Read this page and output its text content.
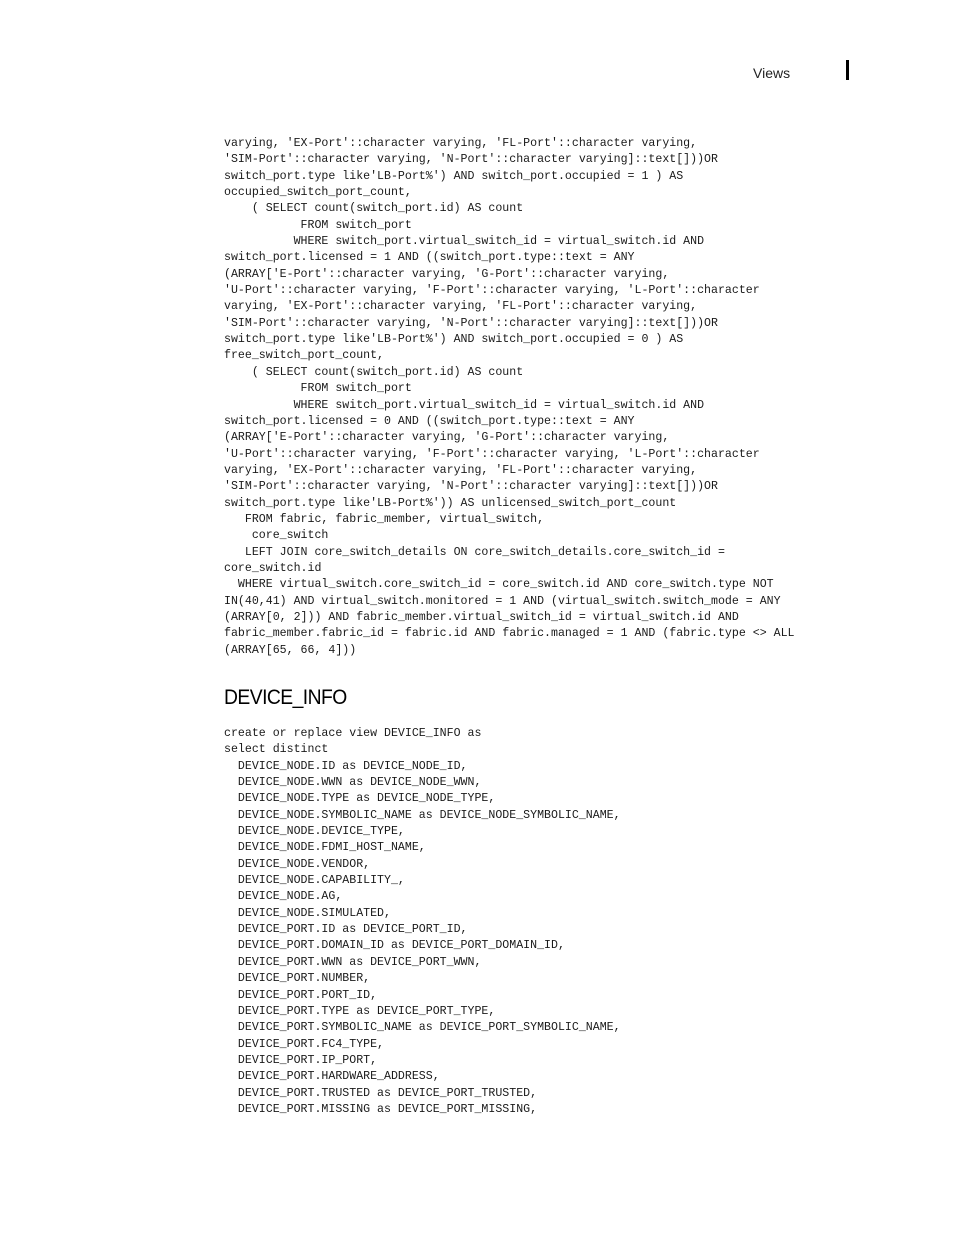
Views
varying, 'EX-Port'::character varying, 'FL-Port'::character varying,
'SIM-Port'::character varying, 'N-Port'::character varying]::text[]))OR
switch_port.type like'LB-Port%') AND switch_port.occupied = 1 ) AS
occupied_switch_port_count,
( SELECT count(switch_port.id) AS count
FROM switch_port
WHERE switch_port.virtual_switch_id = virtual_switch.id AND
switch_port.licensed = 1 AND ((switch_port.type::text = ANY
(ARRAY['E-Port'::character varying, 'G-Port'::character varying,
'U-Port'::character varying, 'F-Port'::character varying, 'L-Port'::character
varying, 'EX-Port'::character varying, 'FL-Port'::character varying,
'SIM-Port'::character varying, 'N-Port'::character varying]::text[]))OR
switch_port.type like'LB-Port%') AND switch_port.occupied = 0 ) AS
free_switch_port_count,
( SELECT count(switch_port.id) AS count
FROM switch_port
WHERE switch_port.virtual_switch_id = virtual_switch.id AND
switch_port.licensed = 0 AND ((switch_port.type::text = ANY
(ARRAY['E-Port'::character varying, 'G-Port'::character varying,
'U-Port'::character varying, 'F-Port'::character varying, 'L-Port'::character
varying, 'EX-Port'::character varying, 'FL-Port'::character varying,
'SIM-Port'::character varying, 'N-Port'::character varying]::text[]))OR
switch_port.type like'LB-Port%')) AS unlicensed_switch_port_count
FROM fabric, fabric_member, virtual_switch,
core_switch
LEFT JOIN core_switch_details ON core_switch_details.core_switch_id =
core_switch.id
WHERE virtual_switch.core_switch_id = core_switch.id AND core_switch.type NOT
IN(40,41) AND virtual_switch.monitored = 1 AND (virtual_switch.switch_mode = ANY
(ARRAY[0, 2])) AND fabric_member.virtual_switch_id = virtual_switch.id AND
fabric_member.fabric_id = fabric.id AND fabric.managed = 1 AND (fabric.type <> ALL
(ARRAY[65, 66, 4]))
DEVICE_INFO
create or replace view DEVICE_INFO as
select distinct
DEVICE_NODE.ID as DEVICE_NODE_ID,
DEVICE_NODE.WWN as DEVICE_NODE_WWN,
DEVICE_NODE.TYPE as DEVICE_NODE_TYPE,
DEVICE_NODE.SYMBOLIC_NAME as DEVICE_NODE_SYMBOLIC_NAME,
DEVICE_NODE.DEVICE_TYPE,
DEVICE_NODE.FDMI_HOST_NAME,
DEVICE_NODE.VENDOR,
DEVICE_NODE.CAPABILITY_,
DEVICE_NODE.AG,
DEVICE_NODE.SIMULATED,
DEVICE_PORT.ID as DEVICE_PORT_ID,
DEVICE_PORT.DOMAIN_ID as DEVICE_PORT_DOMAIN_ID,
DEVICE_PORT.WWN as DEVICE_PORT_WWN,
DEVICE_PORT.NUMBER,
DEVICE_PORT.PORT_ID,
DEVICE_PORT.TYPE as DEVICE_PORT_TYPE,
DEVICE_PORT.SYMBOLIC_NAME as DEVICE_PORT_SYMBOLIC_NAME,
DEVICE_PORT.FC4_TYPE,
DEVICE_PORT.IP_PORT,
DEVICE_PORT.HARDWARE_ADDRESS,
DEVICE_PORT.TRUSTED as DEVICE_PORT_TRUSTED,
DEVICE_PORT.MISSING as DEVICE_PORT_MISSING,
